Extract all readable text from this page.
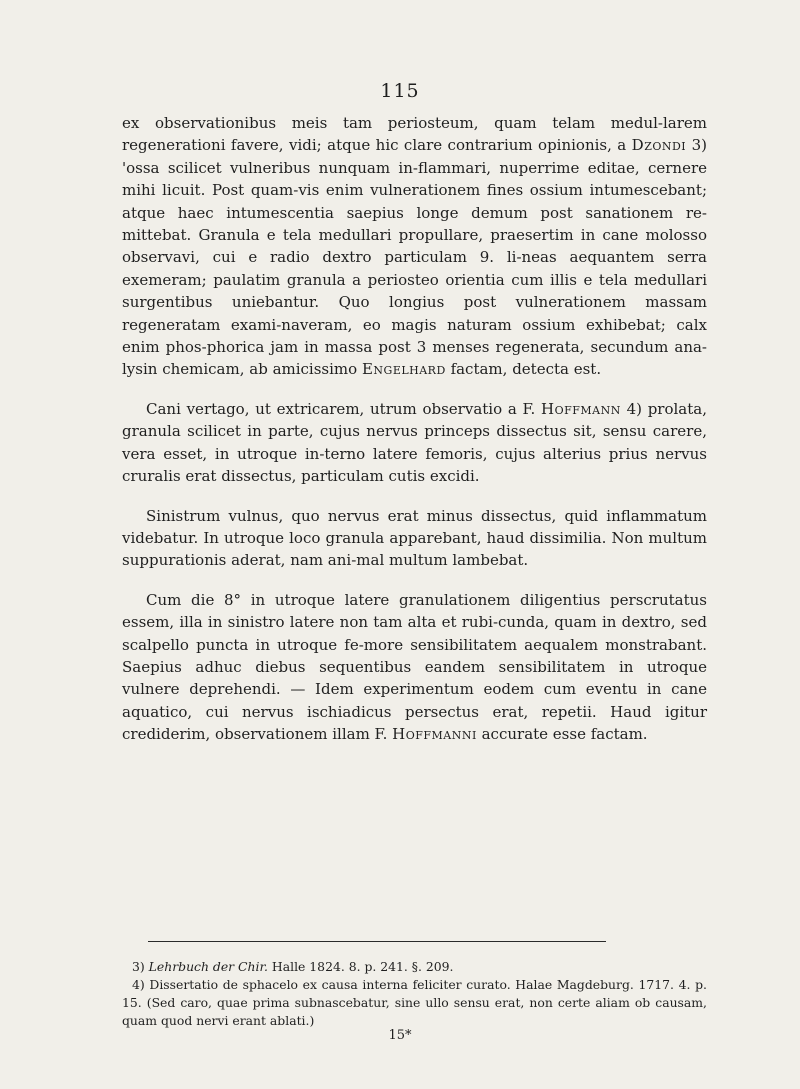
115

ex observationibus meis tam periosteum, quam telam medul-larem regenerationi favere, vidi; atque hic clare contrarium opinionis, a Dzondi 3) 'ossa scilicet vulneribus nunquam in-flammari, nuperrime editae, cernere mihi licuit. Post quam-vis enim vulnerationem fines ossium intumescebant; atque haec intumescentia saepius longe demum post sanationem re-mittebat. Granula e tela medullari propullare, praesertim in cane molosso observavi, cui e radio dextro particulam 9. li-neas aequantem serra exemeram; paulatim granula a periosteo orientia cum illis e tela medullari surgentibus uniebantur. Quo longius post vulnerationem massam regeneratam exami-naveram, eo magis naturam ossium exhibebat; calx enim phos-phorica jam in massa post 3 menses regenerata, secundum ana-lysin chemicam, ab amicissimo Engelhard factam, detecta est.

Cani vertago, ut extricarem, utrum observatio a F. Hoffmann 4) prolata, granula scilicet in parte, cujus nervus princeps dissectus sit, sensu carere, vera esset, in utroque in-terno latere femoris, cujus alterius prius nervus cruralis erat dissectus, particulam cutis excidi.

Sinistrum vulnus, quo nervus erat minus dissectus, quid inflammatum videbatur. In utroque loco granula apparebant, haud dissimilia. Non multum suppurationis aderat, nam ani-mal multum lambebat.

Cum die 8° in utroque latere granulationem diligentius perscrutatus essem, illa in sinistro latere non tam alta et rubi-cunda, quam in dextro, sed scalpello puncta in utroque fe-more sensibilitatem aequalem monstrabant. Saepius adhuc diebus sequentibus eandem sensibilitatem in utroque vulnere deprehendi. — Idem experimentum eodem cum eventu in cane aquatico, cui nervus ischiadicus persectus erat, repetii. Haud igitur crediderim, observationem illam F. Hoffmanni accurate esse factam.

3) Lehrbuch der Chir. Halle 1824. 8. p. 241. §. 209.

4) Dissertatio de sphacelo ex causa interna feliciter curato. Halae Magdeburg. 1717. 4. p. 15. (Sed caro, quae prima subnascebatur, sine ullo sensu erat, non certe aliam ob causam, quam quod nervi erant ablati.)

15*
